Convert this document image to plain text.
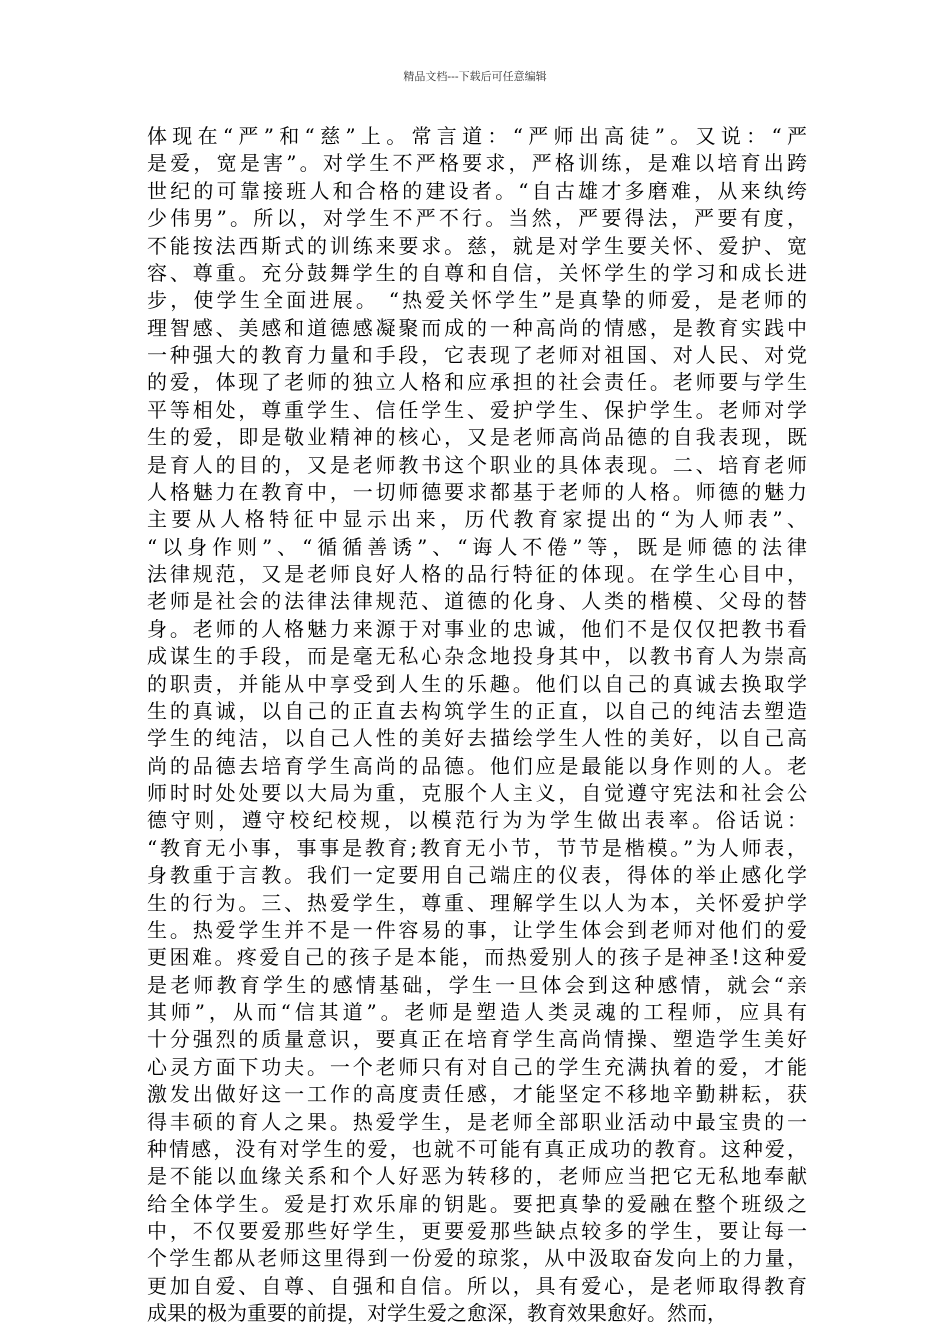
精品文档---下载后可任意编辑
体现在“严”和“慈”上。常言道：“严师出高徒”。又说：“严
是爱，宽是害”。对学生不严格要求，严格训练，是难以培育出跨
世纪的可靠接班人和合格的建设者。“自古雄才多磨难，从来纨绔
少伟男”。所以，对学生不严不行。当然，严要得法，严要有度，
不能按法西斯式的训练来要求。慈，就是对学生要关怀、爱护、宽
容、尊重。充分鼓舞学生的自尊和自信，关怀学生的学习和成长进
步，使学生全面进展。 “热爱关怀学生”是真挚的师爱，是老师的
理智感、美感和道德感凝聚而成的一种高尚的情感，是教育实践中
一种强大的教育力量和手段，它表现了老师对祖国、对人民、对党
的爱，体现了老师的独立人格和应承担的社会责任。老师要与学生
平等相处，尊重学生、信任学生、爱护学生、保护学生。老师对学
生的爱，即是敬业精神的核心，又是老师高尚品德的自我表现，既
是育人的目的，又是老师教书这个职业的具体表现。二、培育老师
人格魅力在教育中，一切师德要求都基于老师的人格。师德的魅力
主要从人格特征中显示出来，历代教育家提出的“为人师表”、
“以身作则”、“循循善诱”、“诲人不倦”等，既是师德的法律
法律规范，又是老师良好人格的品行特征的体现。在学生心目中，
老师是社会的法律法律规范、道德的化身、人类的楷模、父母的替
身。老师的人格魅力来源于对事业的忠诚，他们不是仅仅把教书看
成谋生的手段，而是毫无私心杂念地投身其中，以教书育人为崇高
的职责，并能从中享受到人生的乐趣。他们以自己的真诚去换取学
生的真诚，以自己的正直去构筑学生的正直，以自己的纯洁去塑造
学生的纯洁，以自己人性的美好去描绘学生人性的美好，以自己高
尚的品德去培育学生高尚的品德。他们应是最能以身作则的人。老
师时时处处要以大局为重，克服个人主义，自觉遵守宪法和社会公
德守则，遵守校纪校规，以模范行为为学生做出表率。俗话说：
“教育无小事，事事是教育;教育无小节，节节是楷模。”为人师表，
身教重于言教。我们一定要用自己端庄的仪表，得体的举止感化学
生的行为。三、热爱学生，尊重、理解学生以人为本，关怀爱护学
生。热爱学生并不是一件容易的事，让学生体会到老师对他们的爱
更困难。疼爱自己的孩子是本能，而热爱别人的孩子是神圣!这种爱
是老师教育学生的感情基础，学生一旦体会到这种感情，就会“亲
其师”，从而“信其道”。老师是塑造人类灵魂的工程师，应具有
十分强烈的质量意识，要真正在培育学生高尚情操、塑造学生美好
心灵方面下功夫。一个老师只有对自己的学生充满执着的爱，才能
激发出做好这一工作的高度责任感，才能坚定不移地辛勤耕耘，获
得丰硕的育人之果。热爱学生，是老师全部职业活动中最宝贵的一
种情感，没有对学生的爱，也就不可能有真正成功的教育。这种爱，
是不能以血缘关系和个人好恶为转移的，老师应当把它无私地奉献
给全体学生。爱是打欢乐扉的钥匙。要把真挚的爱融在整个班级之
中，不仅要爱那些好学生，更要爱那些缺点较多的学生，要让每一
个学生都从老师这里得到一份爱的琼浆，从中汲取奋发向上的力量，
更加自爱、自尊、自强和自信。所以，具有爱心，是老师取得教育
成果的极为重要的前提，对学生爱之愈深，教育效果愈好。然而，
